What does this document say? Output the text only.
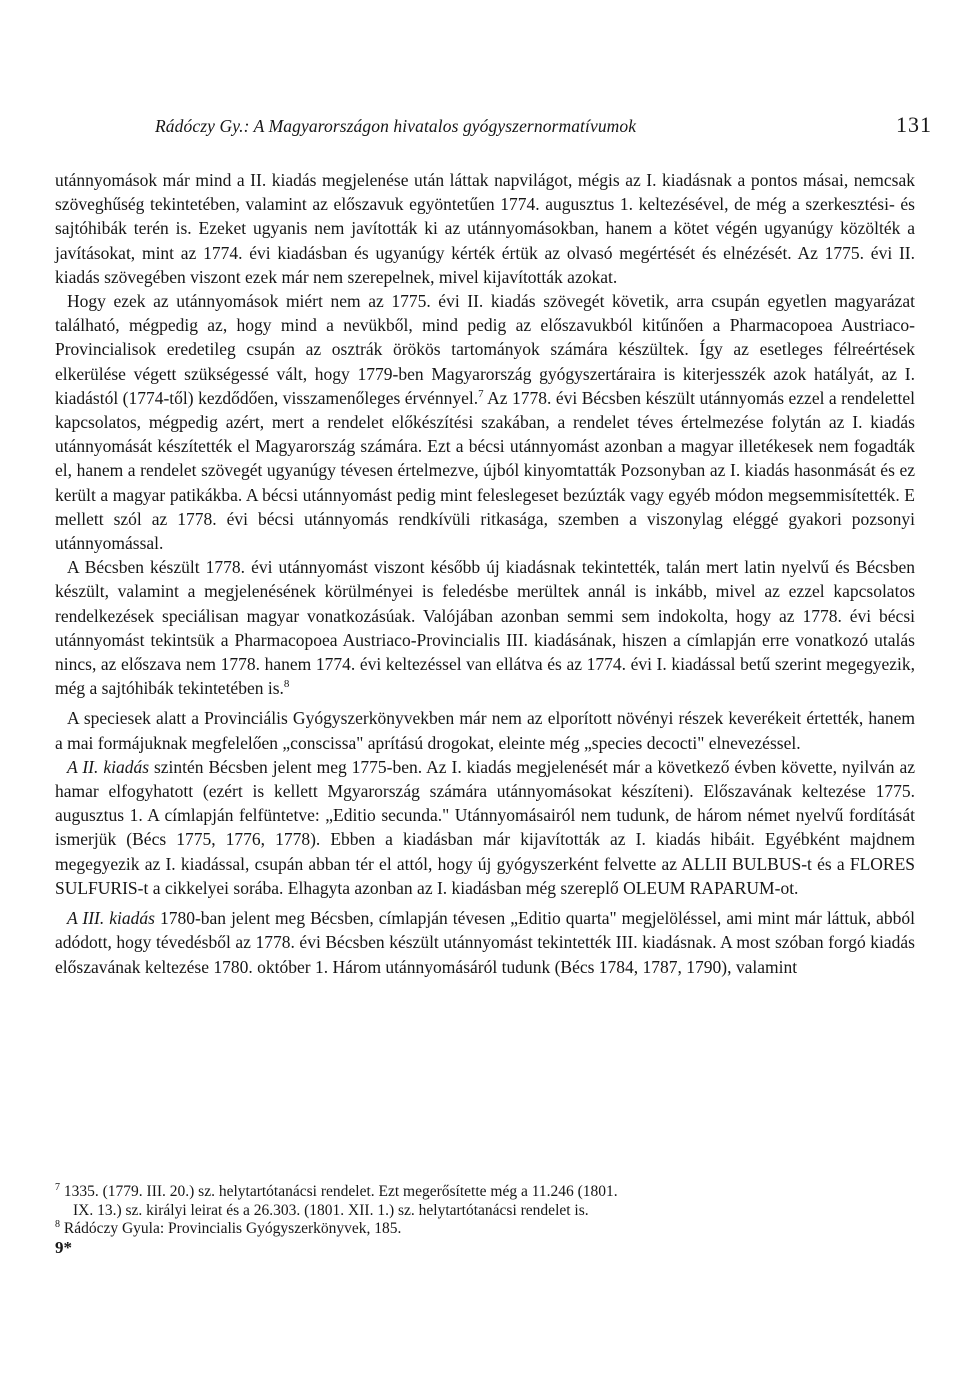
Rádóczy Gy.: A Magyarországon hivatalos gyógyszernormatívumok	131

utánnyomások már mind a II. kiadás megjelenése után láttak napvilágot, mégis az I. kiadásnak a pontos másai, nemcsak szöveghűség tekintetében, valamint az előszavuk egyöntetűen 1774. augusztus 1. keltezésével, de még a szerkesztési- és sajtóhibák terén is. Ezeket ugyanis nem javították ki az utánnyomásokban, hanem a kötet végén ugyanúgy közölték a javításokat, mint az 1774. évi kiadásban és ugyanúgy kérték értük az olvasó megértését és elnézését. Az 1775. évi II. kiadás szövegében viszont ezek már nem szerepelnek, mivel kijavították azokat.

Hogy ezek az utánnyomások miért nem az 1775. évi II. kiadás szövegét követik, arra csupán egyetlen magyarázat található, mégpedig az, hogy mind a nevükből, mind pedig az előszavukból kitűnően a Pharmacopoea Austriaco-Provincialisok eredetileg csupán az osztrák örökös tartományok számára készültek. Így az esetleges félreértések elkerülése végett szükségessé vált, hogy 1779-ben Magyarország gyógyszertáraira is kiterjesszék azok hatályát, az I. kiadástól (1774-től) kezdődően, visszamenőleges érvénnyel.$^7$ Az 1778. évi Bécsben készült utánnyomás ezzel a rendelettel kapcsolatos, mégpedig azért, mert a rendelet előkészítési szakában, a rendelet téves értelmezése folytán az I. kiadás utánnyomását készítették el Magyarország számára. Ezt a bécsi utánnyomást azonban a magyar illetékesek nem fogadták el, hanem a rendelet szövegét ugyanúgy tévesen értelmezve, újból kinyomtatták Pozsonyban az I. kiadás hasonmását és ez került a magyar patikákba. A bécsi utánnyomást pedig mint feleslegeset bezúzták vagy egyéb módon megsemmisítették. E mellett szól az 1778. évi bécsi utánnyomás rendkívüli ritkasága, szemben a viszonylag eléggé gyakori pozsonyi utánnyomással.

A Bécsben készült 1778. évi utánnyomást viszont később új kiadásnak tekintették, talán mert latin nyelvű és Bécsben készült, valamint a megjelenésének körülményei is feledésbe merültek annál is inkább, mivel az ezzel kapcsolatos rendelkezések speciálisan magyar vonatkozásúak. Valójában azonban semmi sem indokolta, hogy az 1778. évi bécsi utánnyomást tekintsük a Pharmacopoea Austriaco-Provincialis III. kiadásának, hiszen a címlapján erre vonatkozó utalás nincs, az előszava nem 1778. hanem 1774. évi keltezéssel van ellátva és az 1774. évi I. kiadással betű szerint megegyezik, még a sajtóhibák tekintetében is.$^8$

A speciesek alatt a Provinciális Gyógyszerkönyvekben már nem az elporított növényi részek keverékeit értették, hanem a mai formájuknak megfelelően „conscissa" aprítású drogokat, eleinte még „species decocti" elnevezéssel.

A II. kiadás szintén Bécsben jelent meg 1775-ben. Az I. kiadás megjelenését már a következő évben követte, nyilván az hamar elfogyhatott (ezért is kellett Mgyarország számára utánnyomásokat készíteni). Előszavának keltezése 1775. augusztus 1. A címlapján felfüntetve: „Editio secunda." Utánnyomásairól nem tudunk, de három német nyelvű fordítását ismerjük (Bécs 1775, 1776, 1778). Ebben a kiadásban már kijavították az I. kiadás hibáit. Egyébként majdnem megegyezik az I. kiadással, csupán abban tér el attól, hogy új gyógyszerként felvette az ALLII BULBUS-t és a FLORES SULFURIS-t a cikkelyei sorába. Elhagyta azonban az I. kiadásban még szereplő OLEUM RAPARUM-ot.

A III. kiadás 1780-ban jelent meg Bécsben, címlapján tévesen „Editio quarta" megjelöléssel, ami mint már láttuk, abból adódott, hogy tévedésből az 1778. évi Bécsben készült utánnyomást tekintették III. kiadásnak. A most szóban forgó kiadás előszavának keltezése 1780. október 1. Három utánnyomásáról tudunk (Bécs 1784, 1787, 1790), valamint

$^7$ 1335. (1779. III. 20.) sz. helytartótanácsi rendelet. Ezt megerősítette még a 11.246 (1801.

IX. 13.) sz. királyi leirat és a 26.303. (1801. XII. 1.) sz. helytartótanácsi rendelet is.

$^8$ Rádóczy Gyula: Provincialis Gyógyszerkönyvek, 185.

9*
